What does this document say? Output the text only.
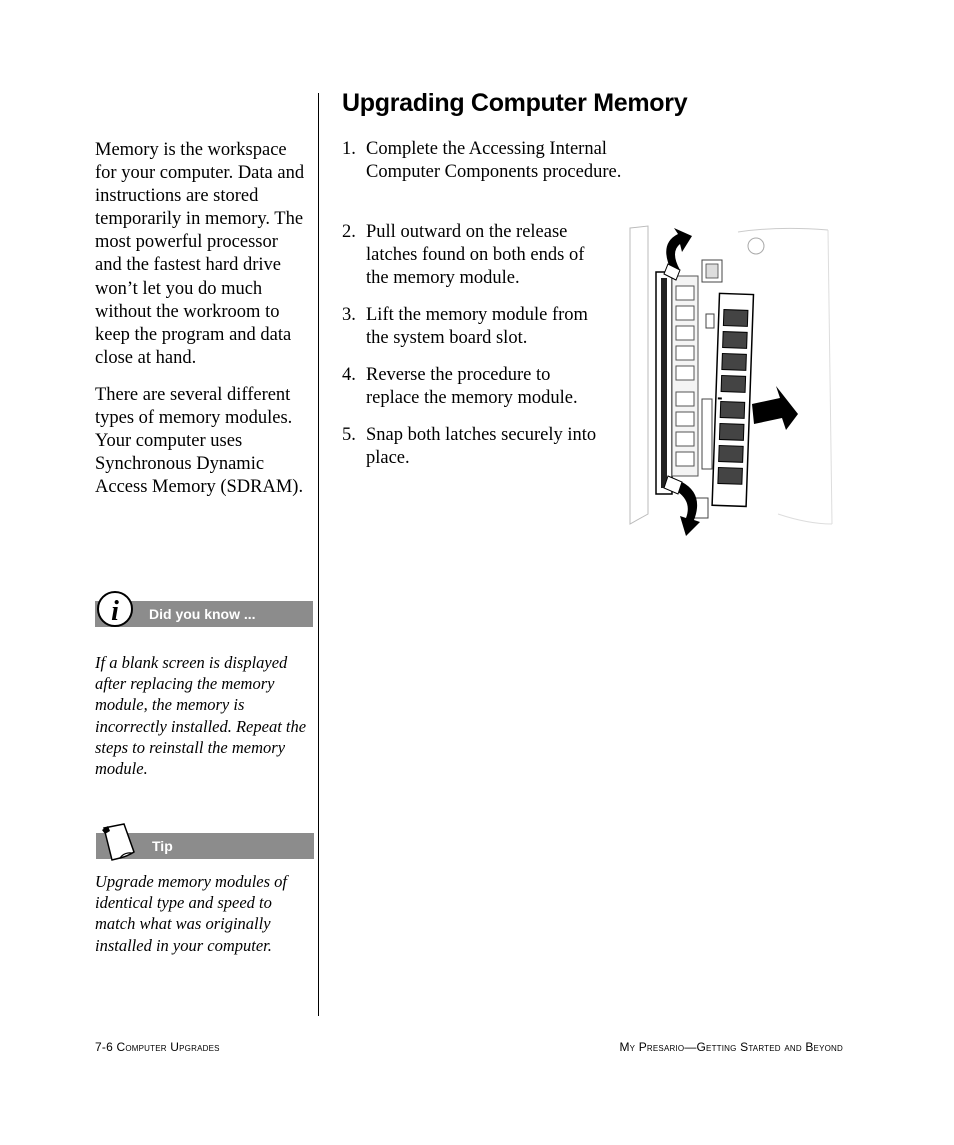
Memory is the workspace for your computer. Data and instructions are stored temporarily in memory. The most powerful processor and the fastest hard drive won’t let you do much without the workroom to keep the program and data close at hand.

There are several different types of memory modules. Your computer uses Synchronous Dynamic Access Memory (SDRAM).

Did you know ...
i
If a blank screen is displayed after replacing the memory module, the memory is incorrectly installed. Repeat the steps to reinstall the memory module.
Tip
Upgrade memory modules of identical type and speed to match what was originally installed in your computer.
Upgrading Computer Memory
1. Complete the Accessing Internal Computer Components procedure.
2. Pull outward on the release latches found on both ends of the memory module.
3. Lift the memory module from the system board slot.
4. Reverse the procedure to replace the memory module.
5. Snap both latches securely into place.
7-6 Computer Upgrades	My Presario—Getting Started and Beyond
